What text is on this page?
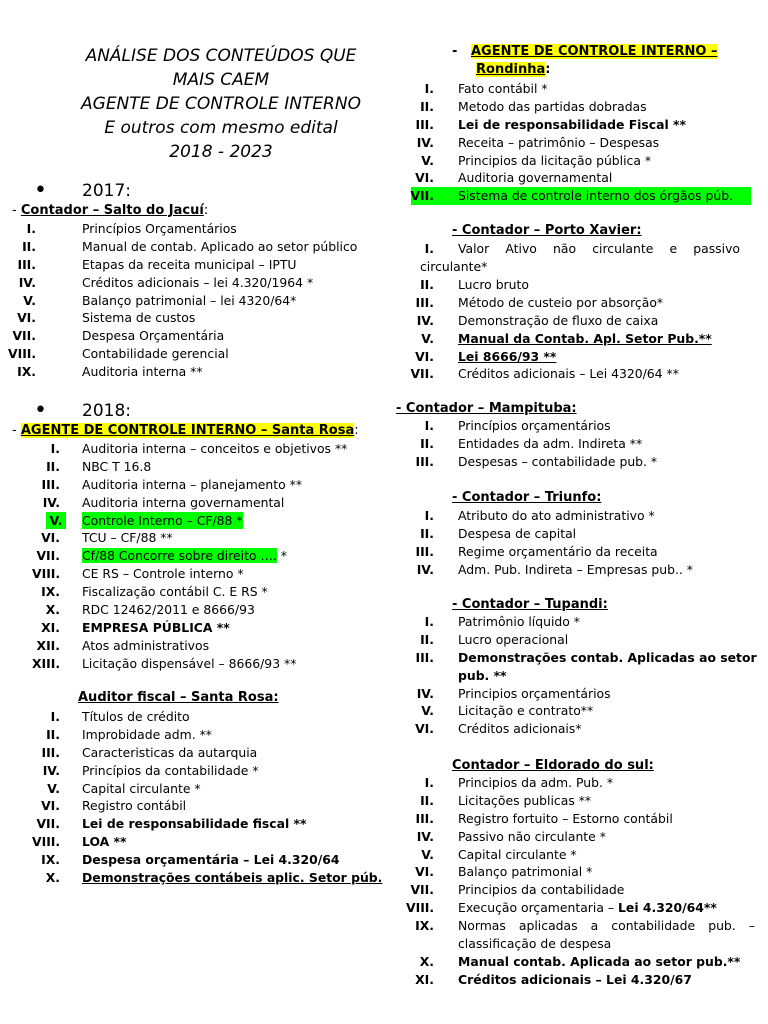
ANÁLISE DOS CONTEÚDOS QUE
MAIS CAEM
AGENTE DE CONTROLE INTERNO
E outros com mesmo edital
2018 - 2023
• 2017:
- Contador – Salto do Jacuí:
I.	Princípios Orçamentários
II.	Manual de contab. Aplicado ao setor público
III.	Etapas da receita municipal – IPTU
IV.	Créditos adicionais – lei 4.320/1964 *
V.	Balanço patrimonial – lei 4320/64*
VI.	Sistema de custos
VII.	Despesa Orçamentária
VIII.	Contabilidade gerencial
IX.	Auditoria interna **
• 2018:
- AGENTE DE CONTROLE INTERNO – Santa Rosa:
I. Auditoria interna – conceitos e objetivos **
II. NBC T 16.8
III. Auditoria interna – planejamento **
IV. Auditoria interna governamental
V. Controle Interno – CF/88 *
VI. TCU – CF/88 **
VII. Cf/88 Concorre sobre direito …. *
VIII. CE RS – Controle interno *
IX. Fiscalização contábil C. E RS *
X. RDC 12462/2011 e 8666/93
XI. EMPRESA PÚBLICA **
XII. Atos administrativos
XIII. Licitação dispensável – 8666/93 **
Auditor fiscal – Santa Rosa:
I. Títulos de crédito
II. Improbidade adm. **
III. Caracteristicas da autarquia
IV. Princípios da contabilidade *
V. Capital circulante *
VI. Registro contábil
VII. Lei de responsabilidade fiscal **
VIII. LOA **
IX. Despesa orçamentária – Lei 4.320/64
X. Demonstrações contábeis aplic. Setor púb.
- AGENTE DE CONTROLE INTERNO –
Rondinha:
I. Fato contábil *
II. Metodo das partidas dobradas
III. Lei de responsabilidade Fiscal **
IV. Receita – patrimônio – Despesas
V. Principios da licitação pública *
VI. Auditoria governamental
VII. Sistema de controle interno dos órgãos púb.
- Contador – Porto Xavier:
I. Valor Ativo não circulante e passivo
circulante*
II. Lucro bruto
III. Método de custeio por absorção*
IV. Demonstração de fluxo de caixa
V. Manual da Contab. Apl. Setor Pub.**
VI. Lei 8666/93 **
VII. Créditos adicionais – Lei 4320/64 **
- Contador – Mampituba:
I. Princípios orçamentários
II. Entidades da adm. Indireta **
III. Despesas – contabilidade pub. *
- Contador – Triunfo:
I. Atributo do ato administrativo *
II. Despesa de capital
III. Regime orçamentário da receita
IV. Adm. Pub. Indireta – Empresas pub.. *
- Contador – Tupandi:
I. Patrimônio líquido *
II. Lucro operacional
III. Demonstrações contab. Aplicadas ao setor
pub. **
IV. Principios orçamentários
V. Licitação e contrato**
VI. Créditos adicionais*
Contador – Eldorado do sul:
I. Principios da adm. Pub. *
II. Licitações publicas **
III. Registro fortuito – Estorno contábil
IV. Passivo não circulante *
V. Capital circulante *
VI. Balanço patrimonial *
VII. Principios da contabilidade
VIII. Execução orçamentaria – Lei 4.320/64**
IX. Normas aplicadas a contabilidade pub. –
classificação de despesa
X. Manual contab. Aplicada ao setor pub.**
XI. Créditos adicionais – Lei 4.320/67
